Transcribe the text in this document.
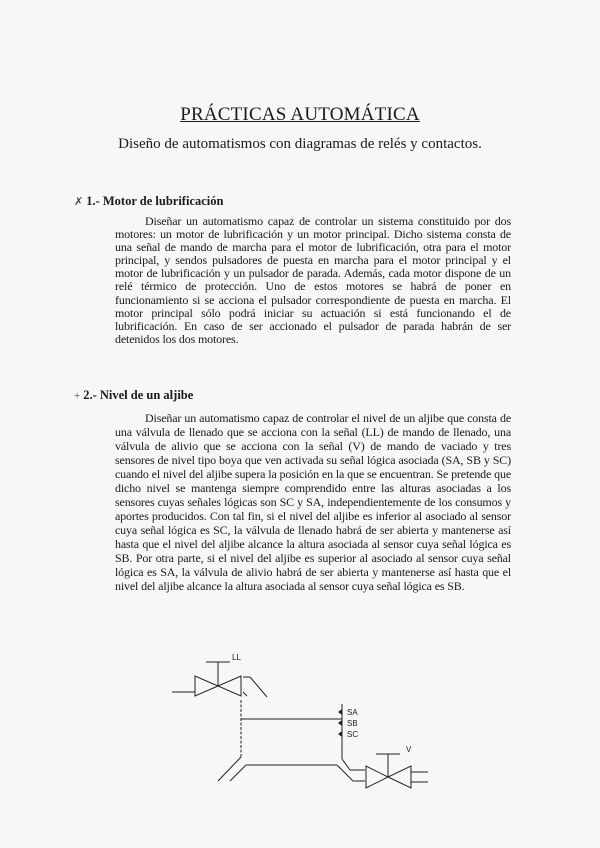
PRÁCTICAS AUTOMÁTICA
Diseño de automatismos con diagramas de relés y contactos.
✗ 1.- Motor de lubrificación
Diseñar un automatismo capaz de controlar un sistema constituido por dos motores: un motor de lubrificación y un motor principal. Dicho sistema consta de una señal de mando de marcha para el motor de lubrificación, otra para el motor principal, y sendos pulsadores de puesta en marcha para el motor principal y el motor de lubrificación y un pulsador de parada. Además, cada motor dispone de un relé térmico de protección. Uno de estos motores se habrá de poner en funcionamiento si se acciona el pulsador correspondiente de puesta en marcha. El motor principal sólo podrá iniciar su actuación si está funcionando el de lubrificación. En caso de ser accionado el pulsador de parada habrán de ser detenidos los dos motores.
+ 2.- Nivel de un aljibe
Diseñar un automatismo capaz de controlar el nivel de un aljibe que consta de una válvula de llenado que se acciona con la señal (LL) de mando de llenado, una válvula de alivio que se acciona con la señal (V) de mando de vaciado y tres sensores de nivel tipo boya que ven activada su señal lógica asociada (SA, SB y SC) cuando el nivel del aljibe supera la posición en la que se encuentran. Se pretende que dicho nivel se mantenga siempre comprendido entre las alturas asociadas a los sensores cuyas señales lógicas son SC y SA, independientemente de los consumos y aportes producidos. Con tal fin, si el nivel del aljibe es inferior al asociado al sensor cuya señal lógica es SC, la válvula de llenado habrá de ser abierta y mantenerse así hasta que el nivel del aljibe alcance la altura asociada al sensor cuya señal lógica es SB. Por otra parte, si el nivel del aljibe es superior al asociado al sensor cuya señal lógica es SA, la válvula de alivio habrá de ser abierta y mantenerse así hasta que el nivel del aljibe alcance la altura asociada al sensor cuya señal lógica es SB.
LL
SA
SB
SC
V
